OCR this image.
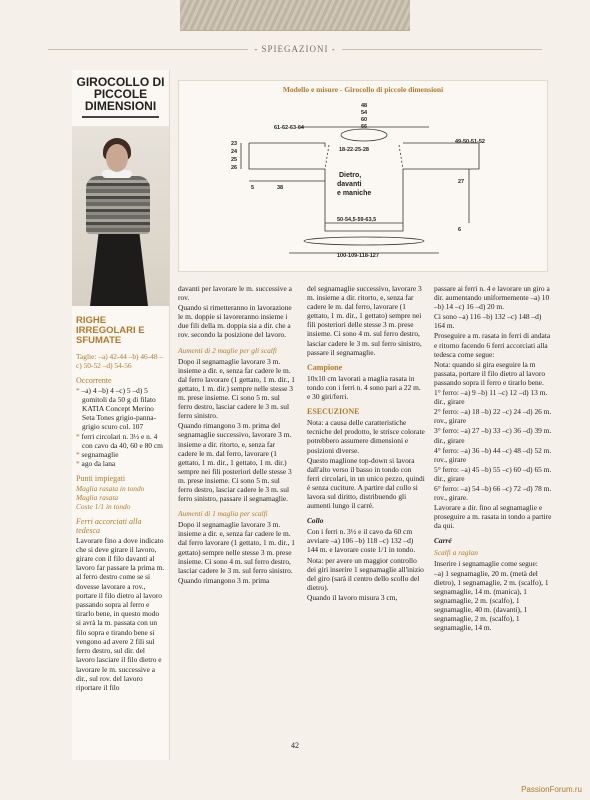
- SPIEGAZIONI -
GIROCOLLO DI PICCOLE DIMENSIONI
RIGHE IRREGOLARI E SFUMATE
Taglie: –a) 42-44 –b) 46-48 –c) 50-52 –d) 54-56
Occorrente
* –a) 4 –b) 4 –c) 5 –d) 5 gomitoli da 50 g di filato KATIA Concept Merino Seta Tones grigio-panna-grigio scuro col. 107
* ferri circolari n. 3½ e n. 4 con cavo da 40, 60 e 80 cm
* segnamaglie
* ago da lana
Punti impiegati
Maglia rasata in tondo
Maglia rasata
Coste 1/1 in tondo
Ferri accorciati alla tedesca
Lavorare fino a dove indicato che si deve girare il lavoro, girare con il filo davanti al lavoro far passare la prima m. al ferro destro come se si dovesse lavorare a rov., portare il filo dietro al lavoro passando sopra al ferro e tirarlo bene, in questo modo si avrà la m. passata con un filo sopra e tirando bene si vengono ad avere 2 fili sul ferro destro, sul dir. del lavoro lasciare il filo dietro e lavorare le m. successive a dir., sul rov. del lavoro riportare il filo
Modello e misure - Girocollo di piccole dimensioni
48
54
60
66
61-62-63-64
18-22-25-28
49-50-51-52
23
24
25
26
5	38
27
50-54,5-59-63,5
6
100-109-118-127
Dietro, davanti e maniche

davanti per lavorare le m. successive a rov.

Quando si rimetteranno in lavorazione le m. doppie si lavoreranno insieme i due fili della m. doppia sia a dir. che a rov. secondo la posizione del lavoro.

Aumenti di 2 maglie per gli scalfi

Dopo il segnamaglie lavorare 3 m. insieme a dir. e, senza far cadere le m. dal ferro lavorare (1 gettato, 1 m. dir., 1 gettato, 1 m. dir.) sempre nelle stesse 3 m. prese insieme. Ci sono 5 m. sul ferro destro, lasciar cadere le 3 m. sul ferro sinistro.

Quando rimangono 3 m. prima del segnamaglie successivo, lavorare 3 m. insieme a dir. ritorto, e, senza far cadere le m. dal ferro, lavorare (1 gettato, 1 m. dir., 1 gettato, 1 m. dir.) sempre nei fili posteriori delle stesse 3 m. prese insieme. Ci sono 5 m. sul ferro destro, lasciar cadere le 3 m. sul ferro sinistro, passare il segnamaglie.

Aumenti di 1 maglia per scalfi

Dopo il segnamaglie lavorare 3 m. insieme a dir. e, senza far cadere le m. dal ferro lavorare (1 gettato, 1 m. dir., 1 gettato) sempre nelle stesse 3 m. prese insieme. Ci sono 4 m. sul ferro destro, lasciar cadere le 3 m. sul ferro sinistro.

Quando rimangono 3 m. prima

del segnamaglie successivo, lavorare 3 m. insieme a dir. ritorto, e, senza far cadere le m. dal ferro, lavorare (1 gettato, 1 m. dir., 1 gettato) sempre nei fili posteriori delle stesse 3 m. prese insieme. Ci sono 4 m. sul ferro destro, lasciar cadere le 3 m. sul ferro sinistro, passare il segnamaglie.

Campione

10x10 cm lavorati a maglia rasata in tondo con i ferri n. 4 sono pari a 22 m. e 30 giri/ferri.

ESECUZIONE

Nota: a causa delle caratteristiche tecniche del prodotto, le strisce colorate potrebbero assumere dimensioni e posizioni diverse.

Questo maglione top-down si lavora dall'alto verso il basso in tondo con ferri circolari, in un unico pezzo, quindi è senza cuciture. A partire dal collo si lavora sul diritto, distribuendo gli aumenti lungo il carré.

Collo

Con i ferri n. 3½ e il cavo da 60 cm avviare –a) 106 –b) 118 –c) 132 –d) 144 m. e lavorare coste 1/1 in tondo.

Nota: per avere un maggior controllo dei giri inserire 1 segnamaglie all'inizio del giro (sarà il centro dello scollo del dietro).

Quando il lavoro misura 3 cm,

passare ai ferri n. 4 e lavorare un giro a dir. aumentando uniformemente –a) 10 –b) 14 –c) 16 –d) 20 m.

Ci sono –a) 116 –b) 132 –c) 148 –d) 164 m.

Proseguire a m. rasata in ferri di andata e ritorno facendo 6 ferri accorciati alla tedesca come segue:

Nota: quando si gira eseguire la m passata, portare il filo dietro al lavoro passando sopra il ferro e tirarlo bene.

1° ferro: –a) 9 –b) 11 –c) 12 –d) 13 m. dir., girare

2° ferro: –a) 18 –b) 22 –c) 24 –d) 26 m. rov., girare

3° ferro: –a) 27 –b) 33 –c) 36 –d) 39 m. dir., girare

4° ferro: –a) 36 –b) 44 –c) 48 –d) 52 m. rov., girare

5° ferro: –a) 45 –b) 55 –c) 60 –d) 65 m. dir., girare

6° ferro: –a) 54 –b) 66 –c) 72 –d) 78 m. rov., girare.

Lavorare a dir. fino al segnamaglie e proseguire a m. rasata in tondo a partire da qui.

Carré
Scalfi a raglan

Inserire i segnamaglie come segue:

–a) 1 segnamaglie, 20 m. (metà del dietro), 1 segnamaglie, 2 m. (scalfo), 1 segnamaglie, 14 m. (manica), 1 segnamaglie, 2 m. (scalfo), 1 segnamaglie, 40 m. (davanti), 1 segnamaglie, 2 m. (scalfo), 1 segnamaglie, 14 m.

42
PassionForum.ru
